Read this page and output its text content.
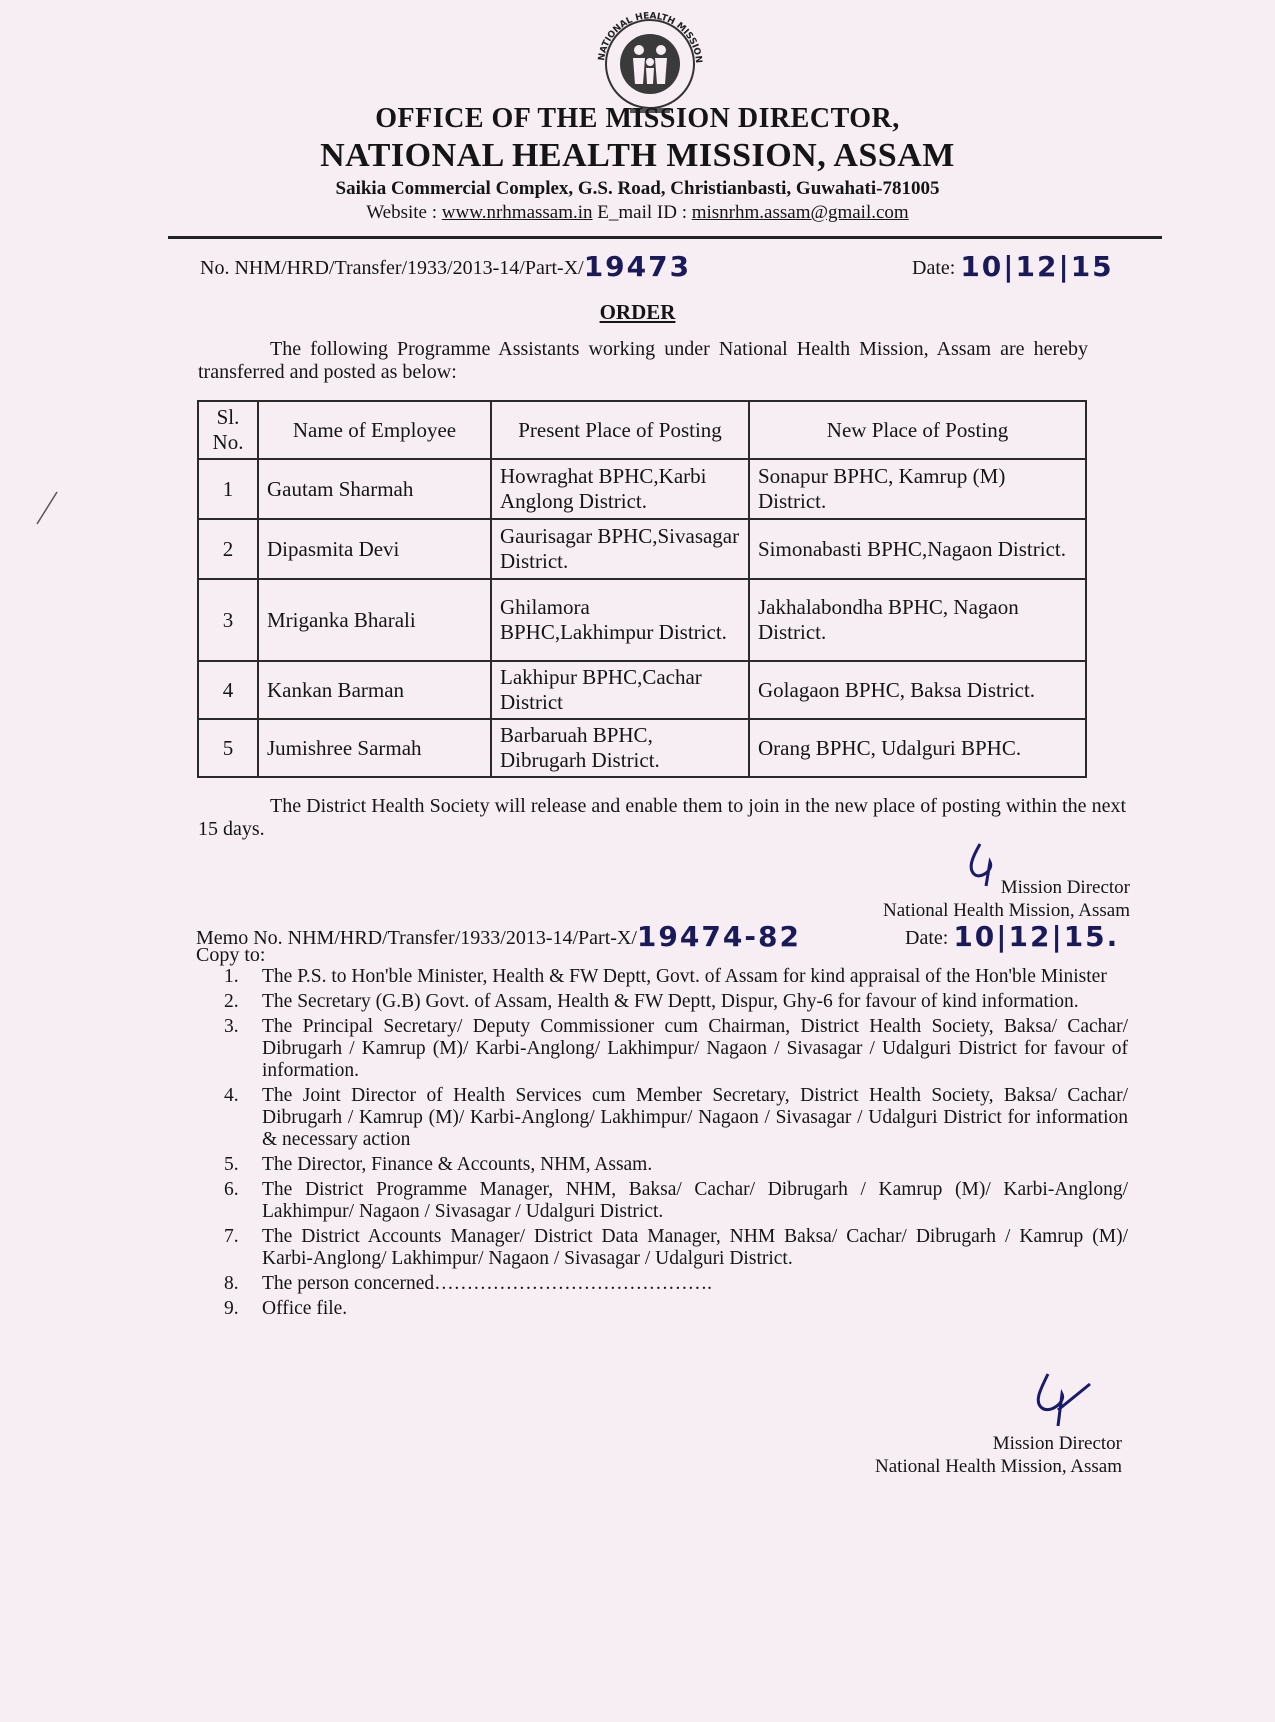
NATIONAL HEALTH MISSION
OFFICE OF THE MISSION DIRECTOR,
NATIONAL HEALTH MISSION, ASSAM
Saikia Commercial Complex, G.S. Road, Christianbasti, Guwahati-781005
Website : www.nrhmassam.in E_mail ID : misnrhm.assam@gmail.com
No. NHM/HRD/Transfer/1933/2013-14/Part-X/19473	Date: 10|12|15
ORDER
The following Programme Assistants working under National Health Mission, Assam are hereby transferred and posted as below:
Sl. No.	Name of Employee	Present Place of Posting	New Place of Posting
1	Gautam Sharmah	Howraghat BPHC,Karbi Anglong District.	Sonapur BPHC, Kamrup (M) District.
2	Dipasmita Devi	Gaurisagar BPHC,Sivasagar District.	Simonabasti BPHC,Nagaon District.
3	Mriganka Bharali	Ghilamora BPHC,Lakhimpur District.	Jakhalabondha BPHC, Nagaon District.
4	Kankan Barman	Lakhipur BPHC,Cachar District	Golagaon BPHC, Baksa District.
5	Jumishree Sarmah	Barbaruah BPHC, Dibrugarh District.	Orang BPHC, Udalguri BPHC.
The District Health Society will release and enable them to join in the new place of posting within the next 15 days.
Mission Director
National Health Mission, Assam
Memo No. NHM/HRD/Transfer/1933/2013-14/Part-X/19474-82	Date: 10|12|15.
Copy to:
1. The P.S. to Hon'ble Minister, Health & FW Deptt, Govt. of Assam for kind appraisal of the Hon'ble Minister
2. The Secretary (G.B) Govt. of Assam, Health & FW Deptt, Dispur, Ghy-6 for favour of kind information.
3. The Principal Secretary/ Deputy Commissioner cum Chairman, District Health Society, Baksa/ Cachar/ Dibrugarh / Kamrup (M)/ Karbi-Anglong/ Lakhimpur/ Nagaon / Sivasagar / Udalguri District for favour of information.
4. The Joint Director of Health Services cum Member Secretary, District Health Society, Baksa/ Cachar/ Dibrugarh / Kamrup (M)/ Karbi-Anglong/ Lakhimpur/ Nagaon / Sivasagar / Udalguri District for information & necessary action
5. The Director, Finance & Accounts, NHM, Assam.
6. The District Programme Manager, NHM, Baksa/ Cachar/ Dibrugarh / Kamrup (M)/ Karbi-Anglong/ Lakhimpur/ Nagaon / Sivasagar / Udalguri District.
7. The District Accounts Manager/ District Data Manager, NHM Baksa/ Cachar/ Dibrugarh / Kamrup (M)/ Karbi-Anglong/ Lakhimpur/ Nagaon / Sivasagar / Udalguri District.
8. The person concerned…………………………………….
9. Office file.
Mission Director
National Health Mission, Assam
